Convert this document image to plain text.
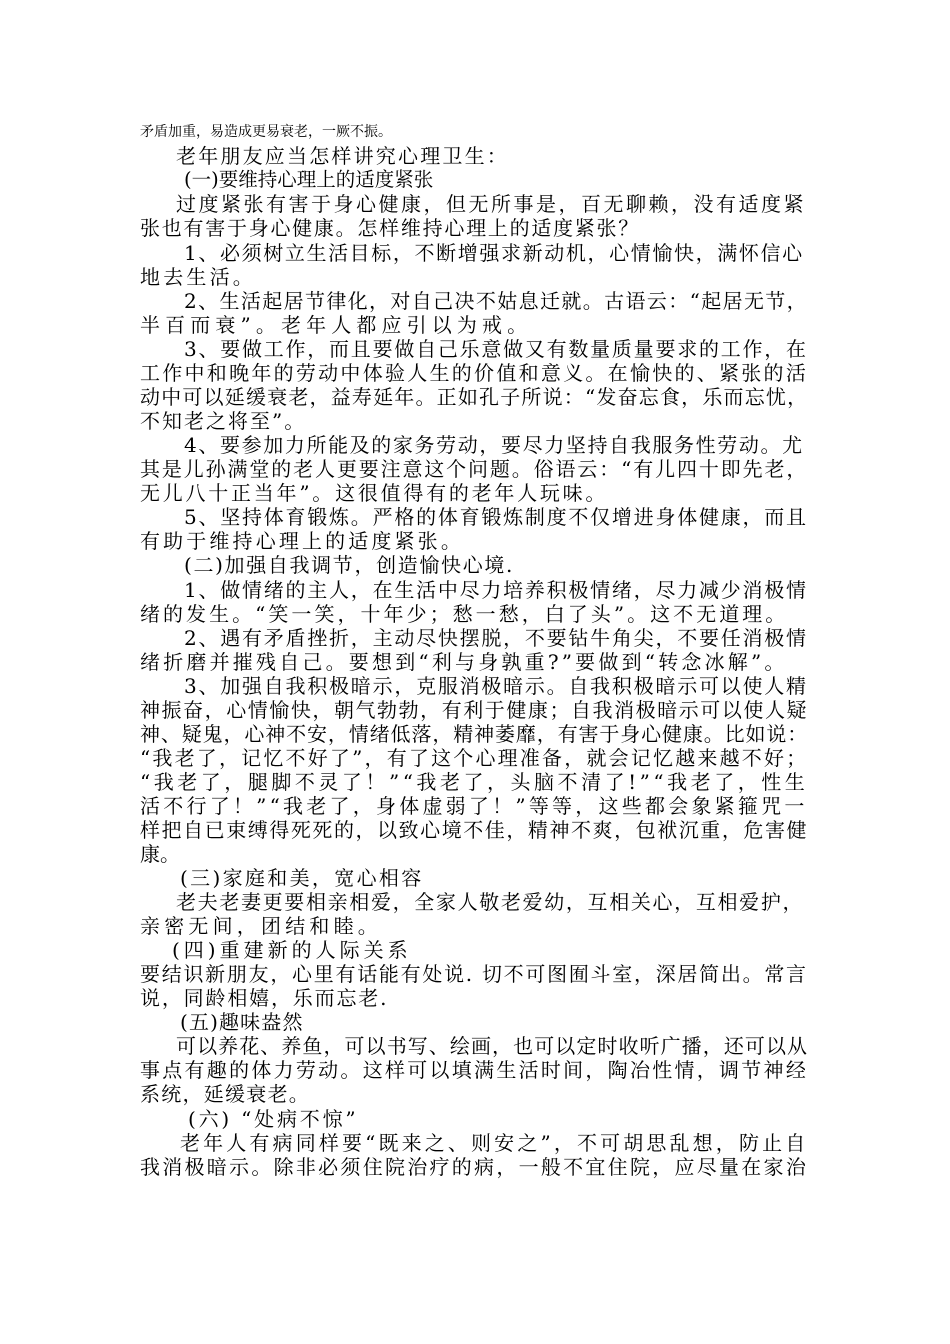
矛盾加重，易造成更易衰老，一厥不振。
老年朋友应当怎样讲究心理卫生：
(一)要维持心理上的适度紧张
过度紧张有害于身心健康，但无所事是，百无聊赖，没有适度紧
张也有害于身心健康。怎样维持心理上的适度紧张？
1、必须树立生活目标，不断增强求新动机，心情愉快，满怀信心
地去生活。
2、生活起居节律化，对自己决不姑息迁就。古语云：“起居无节，
半百而衰”。老年人都应引以为戒。
3、要做工作，而且要做自己乐意做又有数量质量要求的工作，在
工作中和晚年的劳动中体验人生的价值和意义。在愉快的、紧张的活
动中可以延缓衰老，益寿延年。正如孔子所说：“发奋忘食，乐而忘忧，
不知老之将至”。
4、要参加力所能及的家务劳动，要尽力坚持自我服务性劳动。尤
其是儿孙满堂的老人更要注意这个问题。俗语云：“有儿四十即先老，
无儿八十正当年”。这很值得有的老年人玩味。
5、坚持体育锻炼。严格的体育锻炼制度不仅增进身体健康，而且
有助于维持心理上的适度紧张。
(二)加强自我调节，创造愉快心境.
1、做情绪的主人，在生活中尽力培养积极情绪，尽力减少消极情
绪的发生。“笑一笑，十年少；愁一愁，白了头”。这不无道理。
2、遇有矛盾挫折，主动尽快摆脱，不要钻牛角尖，不要任消极情
绪折磨并摧残自己。要想到“利与身孰重?”要做到“转念冰解”。
3、加强自我积极暗示，克服消极暗示。自我积极暗示可以使人精
神振奋，心情愉快，朝气勃勃，有利于健康；自我消极暗示可以使人疑
神、疑鬼，心神不安，情绪低落，精神萎靡，有害于身心健康。比如说：
“我老了，记忆不好了”，有了这个心理准备，就会记忆越来越不好；
“我老了，腿脚不灵了！”“我老了，头脑不清了!”“我老了，性生
活不行了！”“我老了，身体虚弱了！”等等，这些都会象紧箍咒一
样把自已束缚得死死的，以致心境不佳，精神不爽，包袱沉重，危害健
康。
(三)家庭和美，宽心相容
老夫老妻更要相亲相爱，全家人敬老爱幼，互相关心，互相爱护，
亲密无间，团结和睦。
(四)重建新的人际关系
要结识新朋友，心里有话能有处说. 切不可图囿斗室，深居简出。常言
说，同龄相嬉，乐而忘老.
(五)趣味盎然
可以养花、养鱼，可以书写、绘画，也可以定时收听广播，还可以从
事点有趣的体力劳动。这样可以填满生活时间，陶冶性情，调节神经
系统，延缓衰老。
(六) “处病不惊”
老年人有病同样要“既来之、则安之”，不可胡思乱想，防止自
我消极暗示。除非必须住院治疗的病，一般不宜住院，应尽量在家治
